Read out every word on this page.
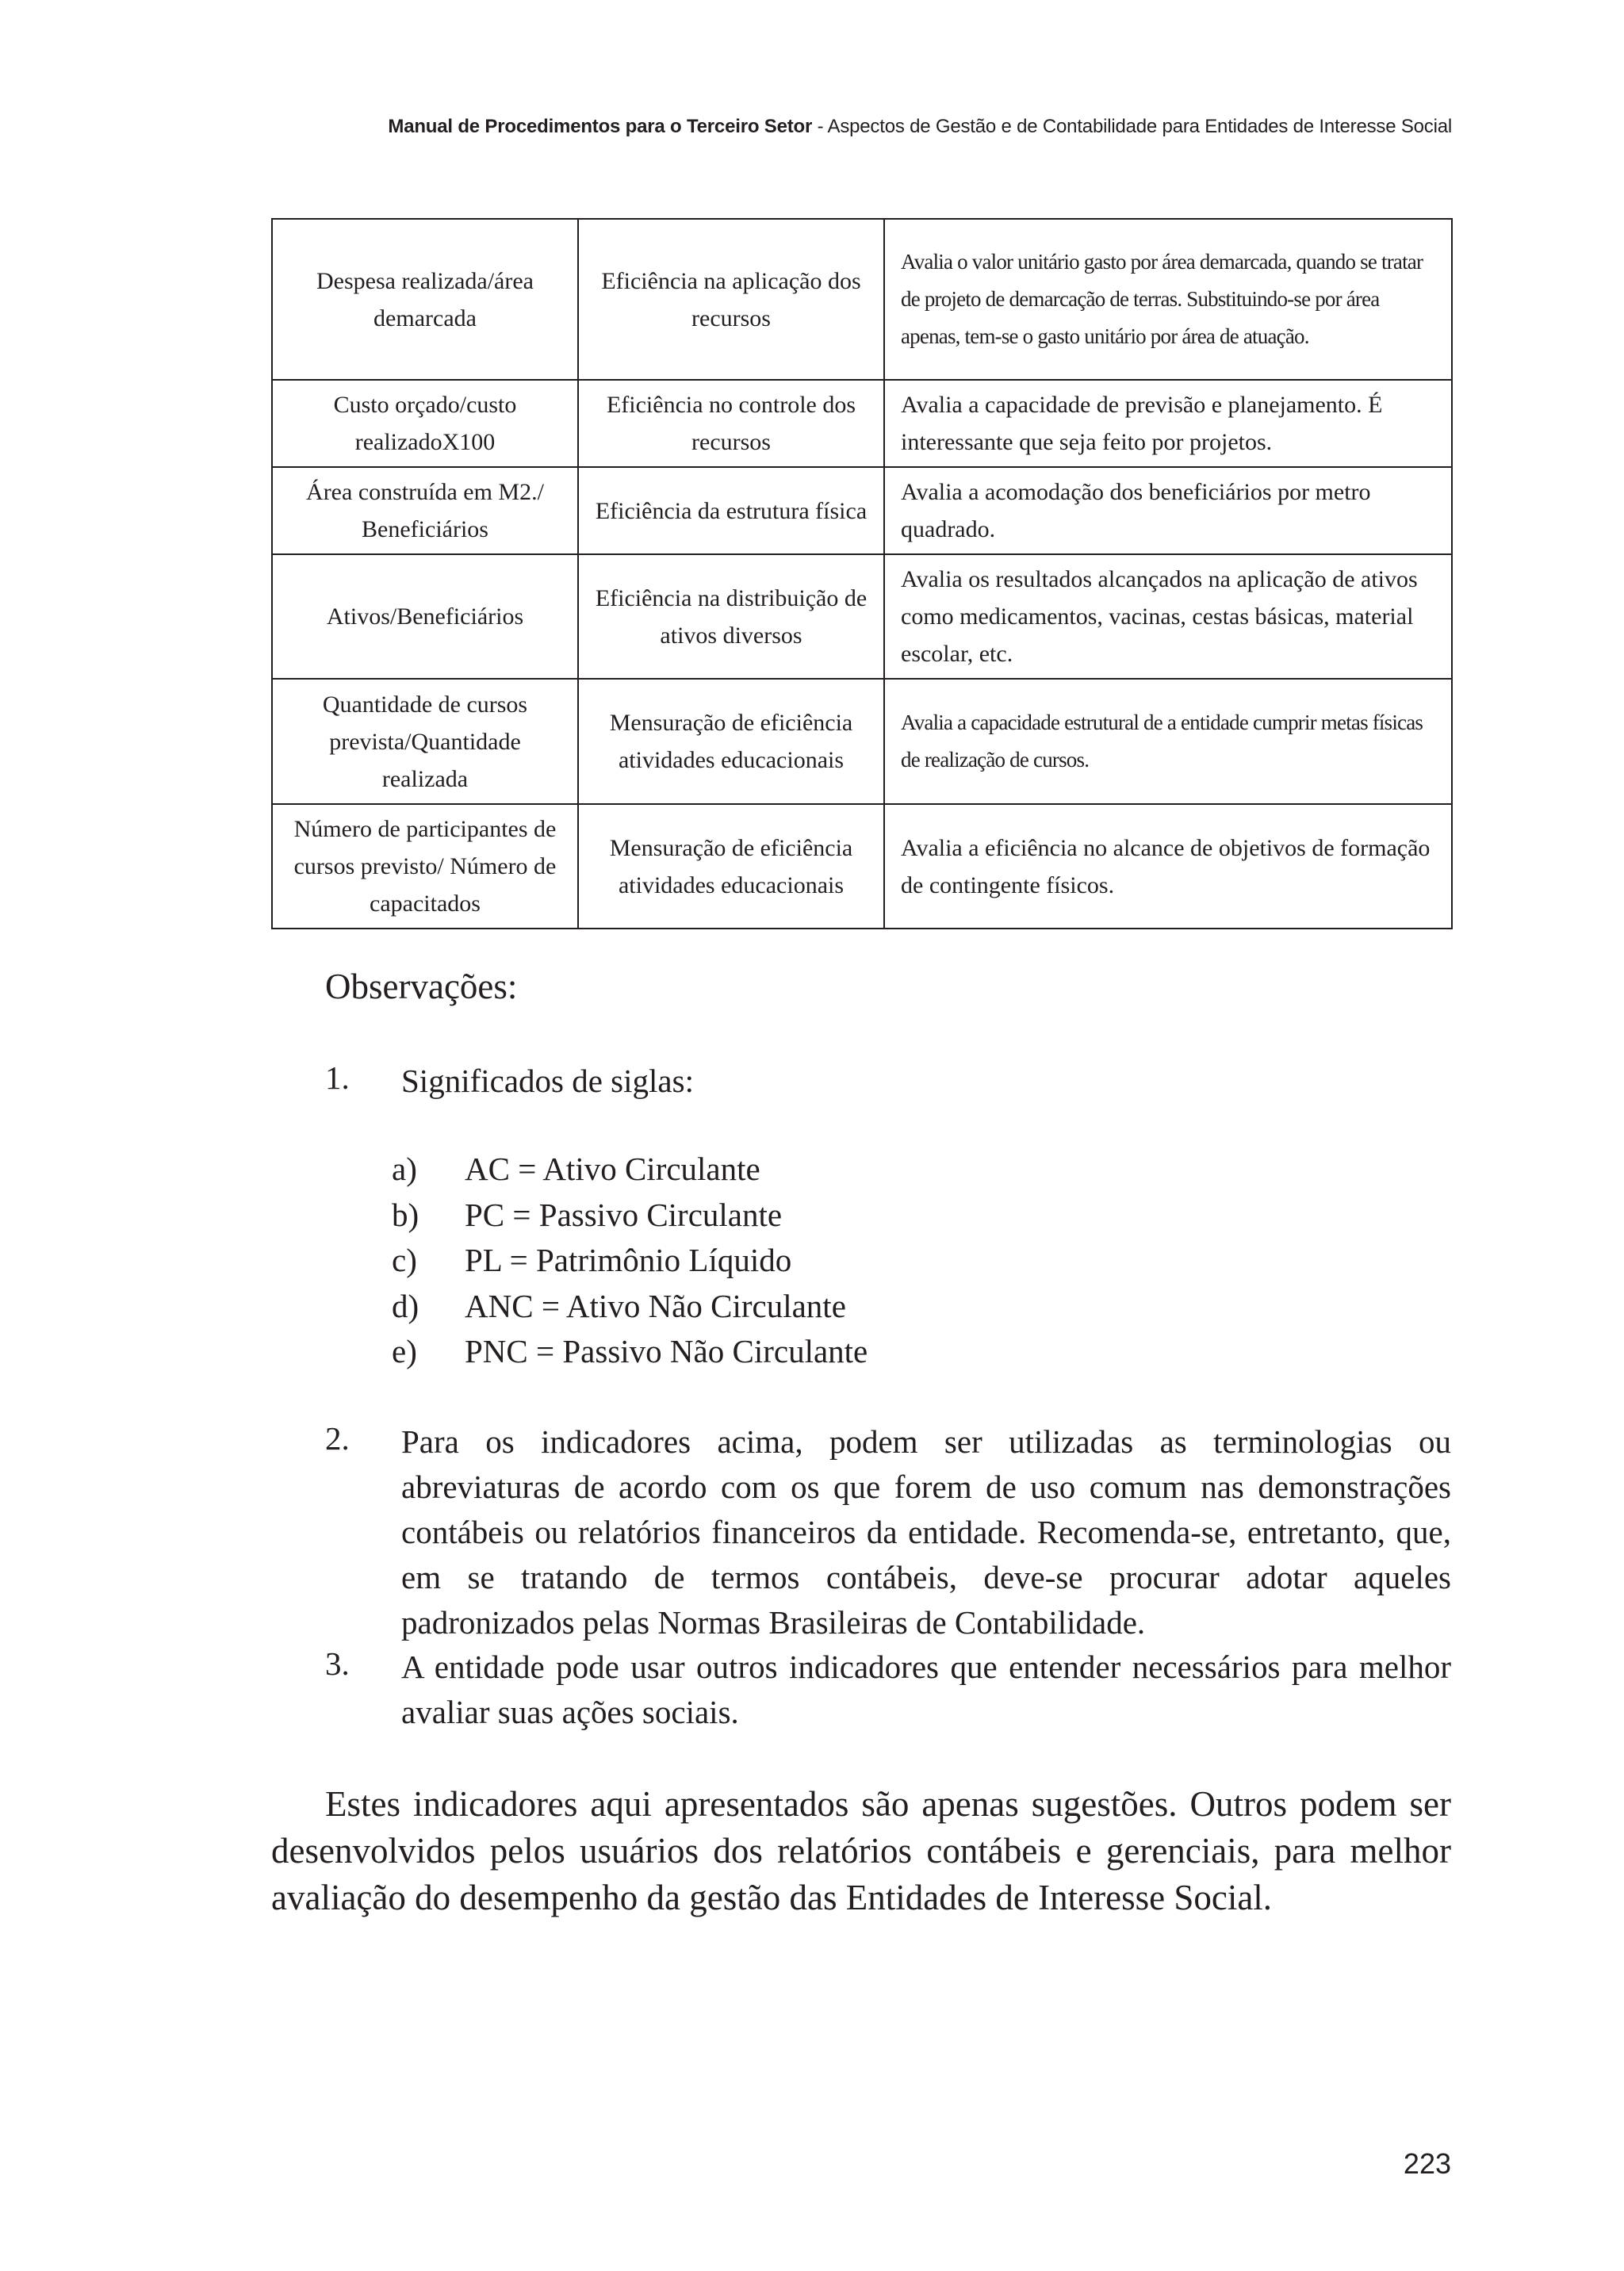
Manual de Procedimentos para o Terceiro Setor - Aspectos de Gestão e de Contabilidade para Entidades de Interesse Social
Despesa realizada/área demarcada	Eficiência na aplicação dos recursos	Avalia o valor unitário gasto por área demarcada, quando se tratar de projeto de demarcação de terras. Substituindo-se por área apenas, tem-se o gasto unitário por área de atuação.
Custo orçado/custo realizadoX100	Eficiência no controle dos recursos	Avalia a capacidade de previsão e planejamento. É interessante que seja feito por projetos.
Área construída em M2./ Beneficiários	Eficiência da estrutura física	Avalia a acomodação dos beneficiários por metro quadrado.
Ativos/Beneficiários	Eficiência na distribuição de ativos diversos	Avalia os resultados alcançados na aplicação de ativos como medicamentos, vacinas, cestas básicas, material escolar, etc.
Quantidade de cursos prevista/Quantidade realizada	Mensuração de eficiência atividades educacionais	Avalia a capacidade estrutural de a entidade cumprir metas físicas de realização de cursos.
Número de participantes de cursos previsto/ Número de capacitados	Mensuração de eficiência atividades educacionais	Avalia a eficiência no alcance de objetivos de formação de contingente físicos.
Observações:
1.	Significados de siglas:
a)	AC = Ativo Circulante
b)	PC = Passivo Circulante
c)	PL = Patrimônio Líquido
d)	ANC = Ativo Não Circulante
e)	PNC = Passivo Não Circulante
2.	Para os indicadores acima, podem ser utilizadas as terminologias ou abreviaturas de acordo com os que forem de uso comum nas demonstrações contábeis ou relatórios financeiros da entidade. Recomenda-se, entretanto, que, em se tratando de termos contábeis, deve-se procurar adotar aqueles padronizados pelas Normas Brasileiras de Contabilidade.
3.	A entidade pode usar outros indicadores que entender necessários para melhor avaliar suas ações sociais.
Estes indicadores aqui apresentados são apenas sugestões. Outros podem ser desenvolvidos pelos usuários dos relatórios contábeis e gerenciais, para melhor avaliação do desempenho da gestão das Entidades de Interesse Social.
223
